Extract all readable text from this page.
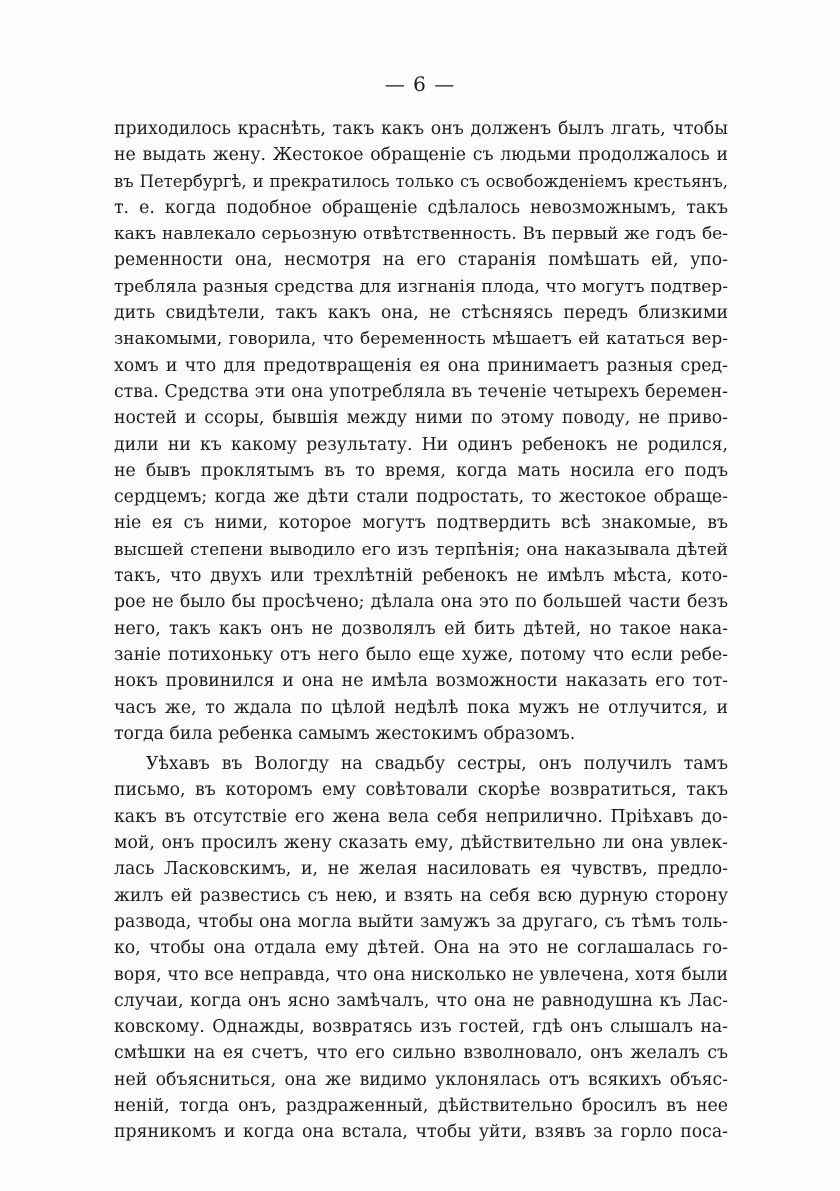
— 6 —
приходилось краснѣть, такъ какъ онъ долженъ былъ лгать, чтобы
не выдать жену. Жестокое обращеніе съ людьми продолжалось и
въ Петербургѣ, и прекратилось только съ освобожденіемъ крестьянъ,
т. е. когда подобное обращеніе сдѣлалось невозможнымъ, такъ
какъ навлекало серьозную отвѣтственность. Въ первый же годъ бе-
ременности она, несмотря на его старанія помѣшать ей, упо-
требляла разныя средства для изгнанія плода, что могутъ подтвер-
дить свидѣтели, такъ какъ она, не стѣсняясь передъ близкими
знакомыми, говорила, что беременность мѣшаетъ ей кататься вер-
хомъ и что для предотвращенія ея она принимаетъ разныя сред-
ства. Средства эти она употребляла въ теченіе четырехъ беремен-
ностей и ссоры, бывшія между ними по этому поводу, не приво-
дили ни къ какому результату. Ни одинъ ребенокъ не родился,
не бывъ проклятымъ въ то время, когда мать носила его подъ
сердцемъ; когда же дѣти стали подростать, то жестокое обраще-
ніе ея съ ними, которое могутъ подтвердить всѣ знакомые, въ
высшей степени выводило его изъ терпѣнія; она наказывала дѣтей
такъ, что двухъ или трехлѣтній ребенокъ не имѣлъ мѣста, кото-
рое не было бы просѣчено; дѣлала она это по большей части безъ
него, такъ какъ онъ не дозволялъ ей бить дѣтей, но такое нака-
заніе потихоньку отъ него было еще хуже, потому что если ребе-
нокъ провинился и она не имѣла возможности наказать его тот-
часъ же, то ждала по цѣлой недѣлѣ пока мужъ не отлучится, и
тогда била ребенка самымъ жестокимъ образомъ.
Уѣхавъ въ Вологду на свадьбу сестры, онъ получилъ тамъ
письмо, въ которомъ ему совѣтовали скорѣе возвратиться, такъ
какъ въ отсутствіе его жена вела себя неприлично. Пріѣхавъ до-
мой, онъ просилъ жену сказать ему, дѣйствительно ли она увлек-
лась Ласковскимъ, и, не желая насиловать ея чувствъ, предло-
жилъ ей развестись съ нею, и взять на себя всю дурную сторону
развода, чтобы она могла выйти замужъ за другаго, съ тѣмъ толь-
ко, чтобы она отдала ему дѣтей. Она на это не соглашалась го-
воря, что все неправда, что она нисколько не увлечена, хотя были
случаи, когда онъ ясно замѣчалъ, что она не равнодушна къ Лас-
ковскому. Однажды, возвратясь изъ гостей, гдѣ онъ слышалъ на-
смѣшки на ея счетъ, что его сильно взволновало, онъ желалъ съ
ней объясниться, она же видимо уклонялась отъ всякихъ объяс-
неній, тогда онъ, раздраженный, дѣйствительно бросилъ въ нее
пряникомъ и когда она встала, чтобы уйти, взявъ за горло поса-
